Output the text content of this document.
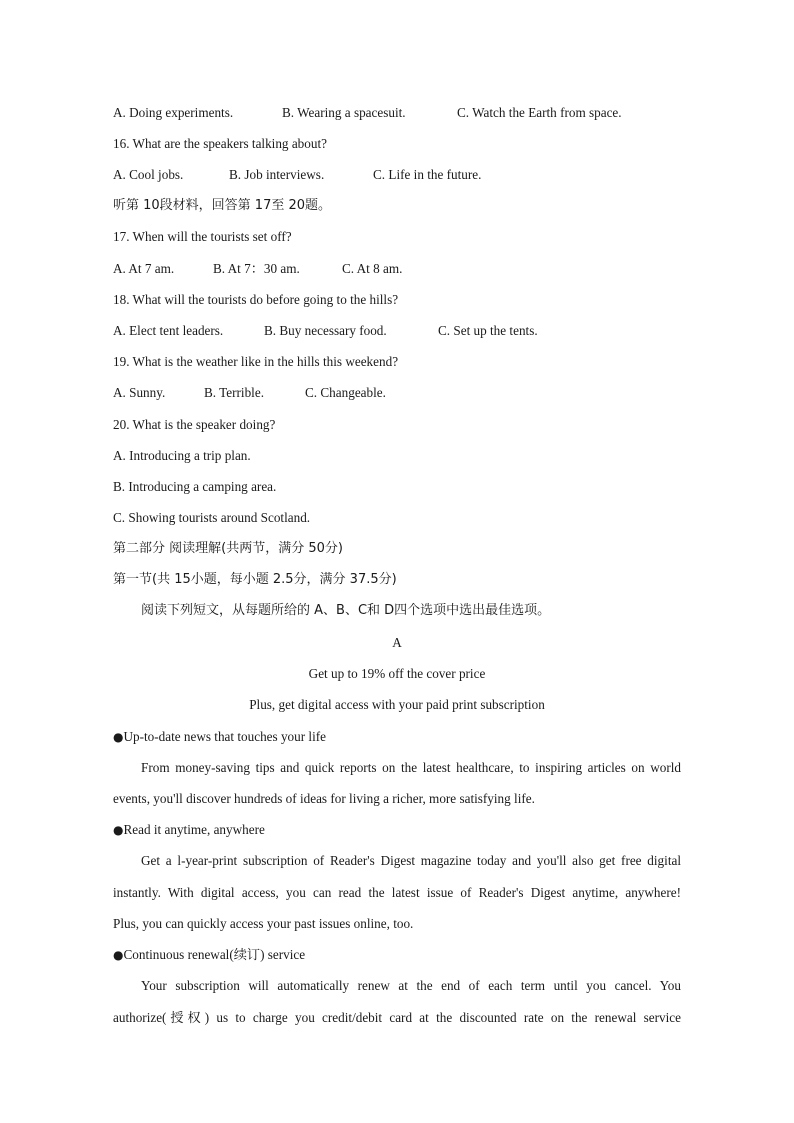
A. Doing experiments.	B. Wearing a spacesuit.	C. Watch the Earth from space.
16. What are the speakers talking about?
A. Cool jobs.	B. Job interviews.	C. Life in the future.
听第 10段材料，回答第 17至 20题。
17. When will the tourists set off?
A. At 7 am.	B. At 7：30 am.	C. At 8 am.
18. What will the tourists do before going to the hills?
A. Elect tent leaders.	B. Buy necessary food.	C. Set up the tents.
19. What is the weather like in the hills this weekend?
A. Sunny.	B. Terrible.	C. Changeable.
20. What is the speaker doing?
A. Introducing a trip plan.
B. Introducing a camping area.
C. Showing tourists around Scotland.
第二部分 阅读理解(共两节，满分 50分)
第一节(共 15小题，每小题 2.5分，满分 37.5分)
阅读下列短文，从每题所给的 A、B、C和 D四个选项中选出最佳选项。
A
Get up to 19% off the cover price
Plus, get digital access with your paid print subscription
●Up-to-date news that touches your life
From money-saving tips and quick reports on the latest healthcare, to inspiring articles on world
events, you'll discover hundreds of ideas for living a richer, more satisfying life.
●Read it anytime, anywhere
Get a l-year-print subscription of Reader's Digest magazine today and you'll also get free digital
instantly. With digital access, you can read the latest issue of Reader's Digest anytime, anywhere!
Plus, you can quickly access your past issues online, too.
●Continuous renewal(续订) service
Your subscription will automatically renew at the end of each term until you cancel. You
authorize(授权) us to charge you credit/debit card at the discounted rate on the renewal service
